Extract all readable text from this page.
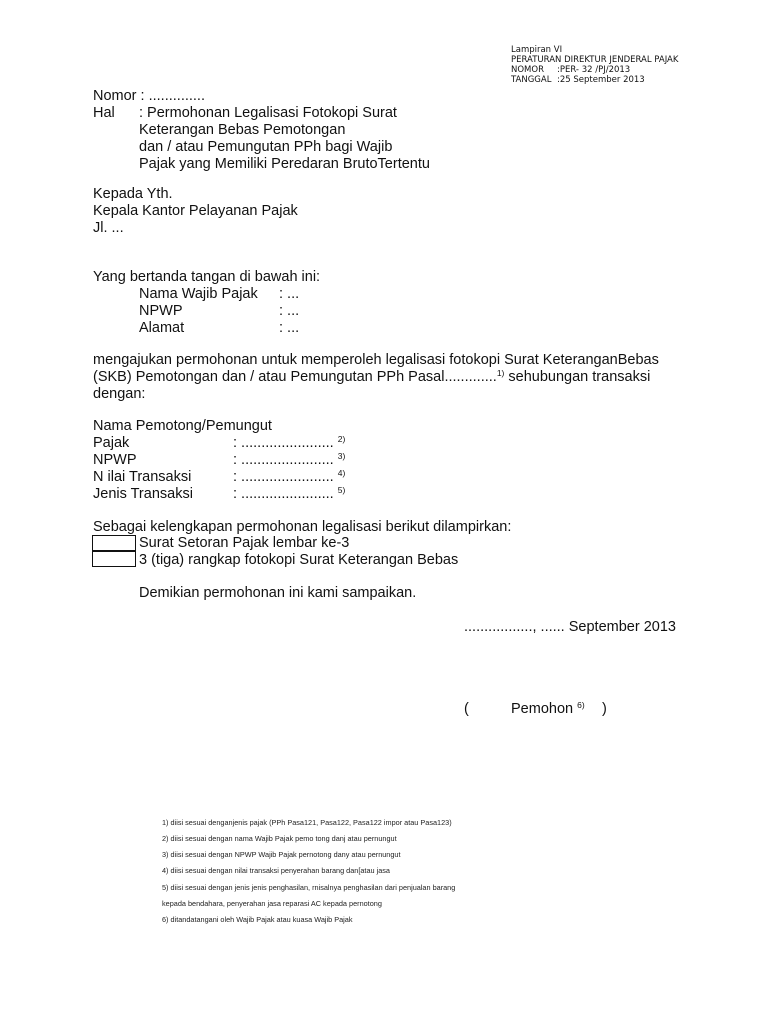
Lampiran VI
PERATURAN DIREKTUR JENDERAL PAJAK
NOMOR :PER- 32 /PJ/2013
TANGGAL :25 September 2013
Nomor : ..............
Hal : Permohonan Legalisasi Fotokopi Surat
Keterangan Bebas Pemotongan
dan / atau Pemungutan PPh bagi Wajib
Pajak yang Memiliki Peredaran BrutoTertentu
Kepada Yth.
Kepala Kantor Pelayanan Pajak
Jl. ...
Yang bertanda tangan di bawah ini:
Nama Wajib Pajak : ...
NPWP	: ...
Alamat	: ...
mengajukan permohonan untuk memperoleh legalisasi fotokopi Surat KeteranganBebas
(SKB) Pemotongan dan / atau Pemungutan PPh Pasal.............$^{1)}$ sehubungan transaksi
dengan:
Nama Pemotong/Pemungut
Pajak	: ....................... $^{2)}$
NPWP	: ....................... $^{3)}$
N ilai Transaksi	: ....................... $^{4)}$
Jenis Transaksi	: ....................... $^{5)}$
Sebagai kelengkapan permohonan legalisasi berikut dilampirkan:
Surat Setoran Pajak lembar ke-3
3 (tiga) rangkap fotokopi Surat Keterangan Bebas
Demikian permohonan ini kami sampaikan.
................., ...... September 2013
(	Pemohon $^{6)}$ )
1) diisi sesuai denganjenis pajak (PPh Pasa121, Pasa122, Pasa122 impor atau Pasa123)
2) diisi sesuai dengan nama Wajib Pajak pemo tong danj atau pernungut
3) diisi sesuai dengan NPWP Wajib Pajak pernotong dany atau pernungut
4) diisi sesuai dengan nilai transaksi penyerahan barang dan[atau jasa
5) diisi sesuai dengan jenis jenis penghasilan, rnisalnya penghasilan dari penjualan barang
kepada bendahara, penyerahan jasa reparasi AC kepada pernotong
6) ditandatangani oleh Wajib Pajak atau kuasa Wajib Pajak
